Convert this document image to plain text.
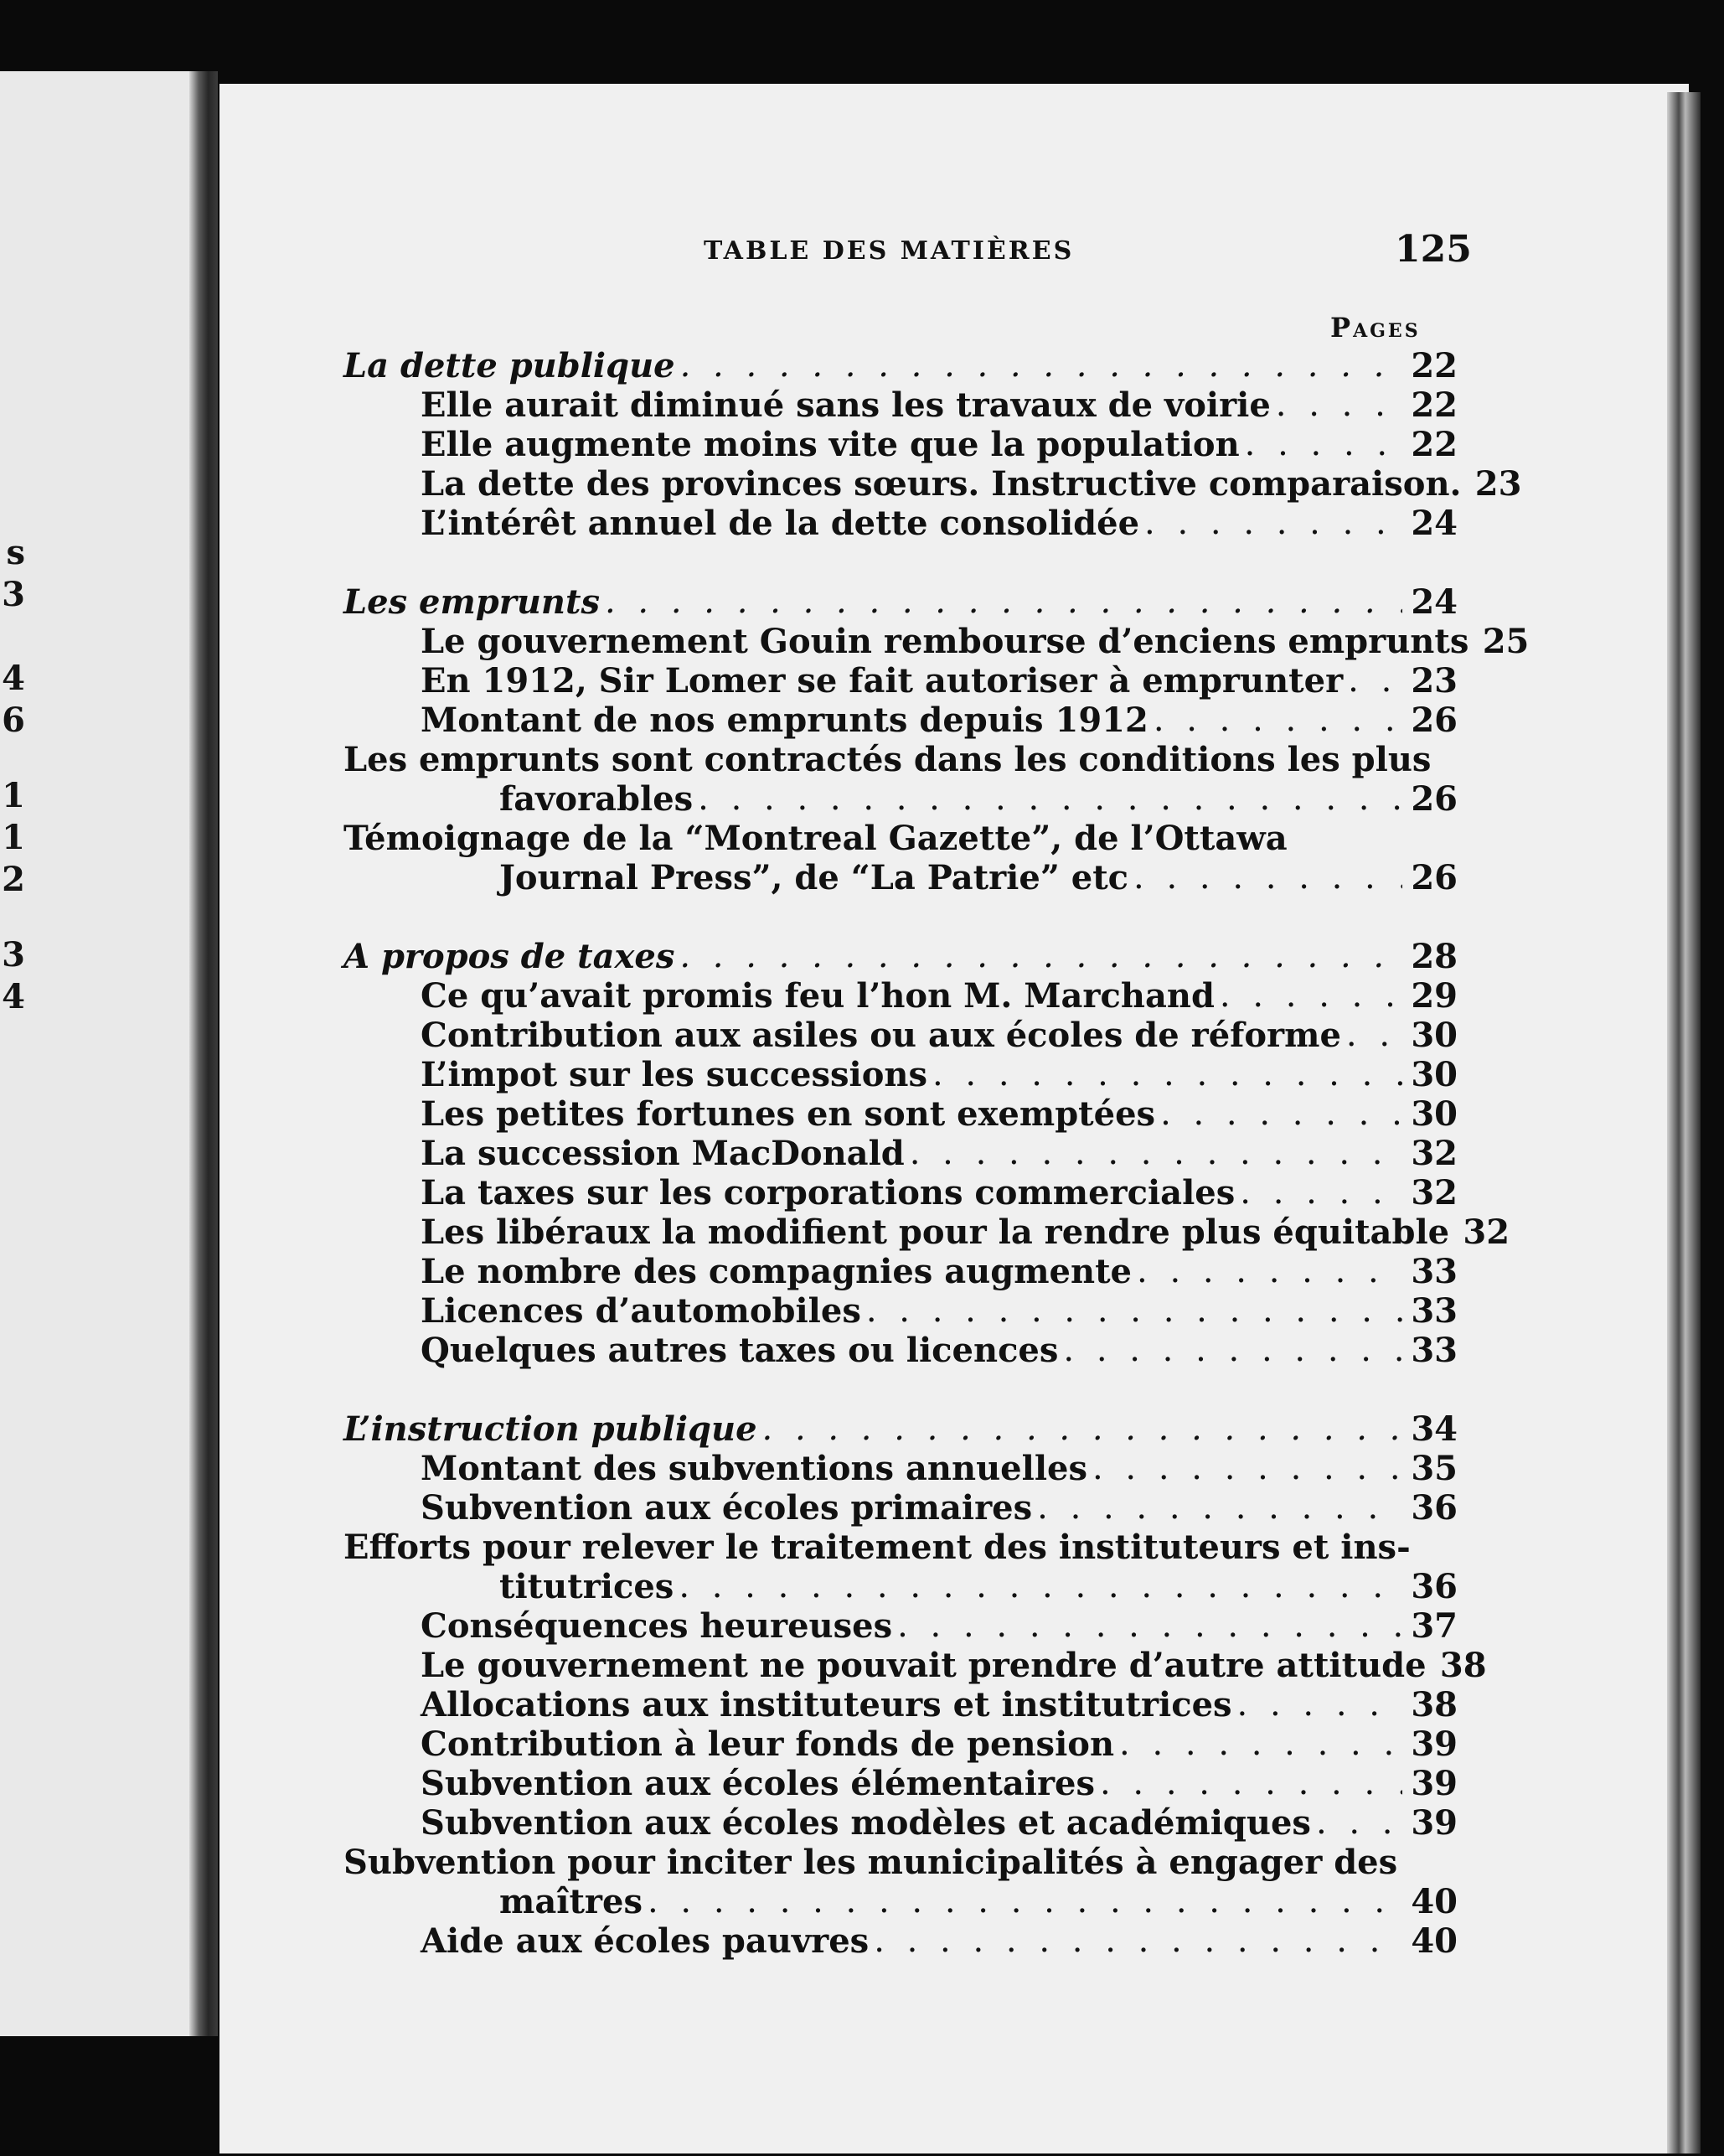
s
3
4
6
1
1
2
3
4
TABLE DES MATIÈRES	125
Pages
La dette publique . . .	22
Elle aurait diminué sans les travaux de voirie . . .	22
Elle augmente moins vite que la population . . .	22
La dette des provinces sœurs. Instructive comparaison. 23
L’intérêt annuel de la dette consolidée . . .	24
Les emprunts . . .	24
Le gouvernement Gouin rembourse d’enciens emprunts 25
En 1912, Sir Lomer se fait autoriser à emprunter . . . 23
Montant de nos emprunts depuis 1912 . . .	26
Les emprunts sont contractés dans les conditions les plus
favorables . . .	26
Témoignage de la “Montreal Gazette”, de l’Ottawa
Journal Press”, de “La Patrie” etc . . .	26
A propos de taxes . . .	28
Ce qu’avait promis feu l’hon M. Marchand . . .	29
Contribution aux asiles ou aux écoles de réforme . . . 30
L’impot sur les successions . . .	30
Les petites fortunes en sont exemptées . . .	30
La succession MacDonald . . .	32
La taxes sur les corporations commerciales . . .	32
Les libéraux la modifient pour la rendre plus équitable 32
Le nombre des compagnies augmente . . .	33
Licences d’automobiles . . .	33
Quelques autres taxes ou licences . . .	33
L’instruction publique . . .	34
Montant des subventions annuelles . . .	35
Subvention aux écoles primaires . . .	36
Efforts pour relever le traitement des instituteurs et ins-
titutrices . . .	36
Conséquences heureuses . . .	37
Le gouvernement ne pouvait prendre d’autre attitude 38
Allocations aux instituteurs et institutrices . . .	38
Contribution à leur fonds de pension . . .	39
Subvention aux écoles élémentaires . . .	39
Subvention aux écoles modèles et académiques . . .	39
Subvention pour inciter les municipalités à engager des
maîtres . . .	40
Aide aux écoles pauvres . . .	40
